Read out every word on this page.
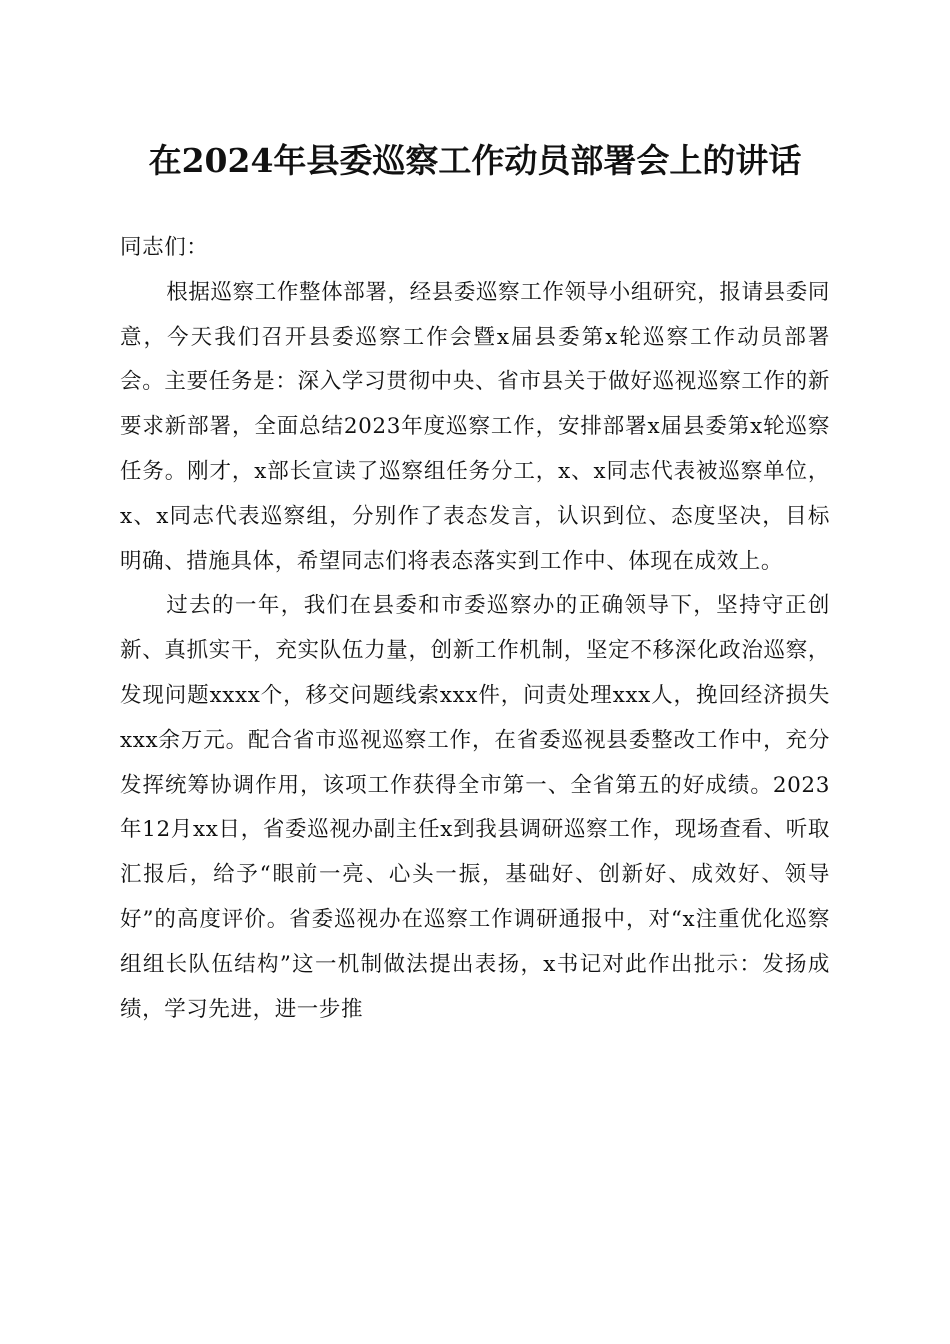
在2024年县委巡察工作动员部署会上的讲话

同志们：

根据巡察工作整体部署，经县委巡察工作领导小组研究，报请县委同意，今天我们召开县委巡察工作会暨x届县委第x轮巡察工作动员部署会。主要任务是：深入学习贯彻中央、省市县关于做好巡视巡察工作的新要求新部署，全面总结2023年度巡察工作，安排部署x届县委第x轮巡察任务。刚才，x部长宣读了巡察组任务分工，x、x同志代表被巡察单位，x、x同志代表巡察组，分别作了表态发言，认识到位、态度坚决，目标明确、措施具体，希望同志们将表态落实到工作中、体现在成效上。

过去的一年，我们在县委和市委巡察办的正确领导下，坚持守正创新、真抓实干，充实队伍力量，创新工作机制，坚定不移深化政治巡察，发现问题xxxx个，移交问题线索xxx件，问责处理xxx人，挽回经济损失xxx余万元。配合省市巡视巡察工作，在省委巡视县委整改工作中，充分发挥统筹协调作用，该项工作获得全市第一、全省第五的好成绩。2023年12月xx日，省委巡视办副主任x到我县调研巡察工作，现场查看、听取汇报后，给予“眼前一亮、心头一振，基础好、创新好、成效好、领导好”的高度评价。省委巡视办在巡察工作调研通报中，对“x注重优化巡察组组长队伍结构”这一机制做法提出表扬，x书记对此作出批示：发扬成绩，学习先进，进一步推
